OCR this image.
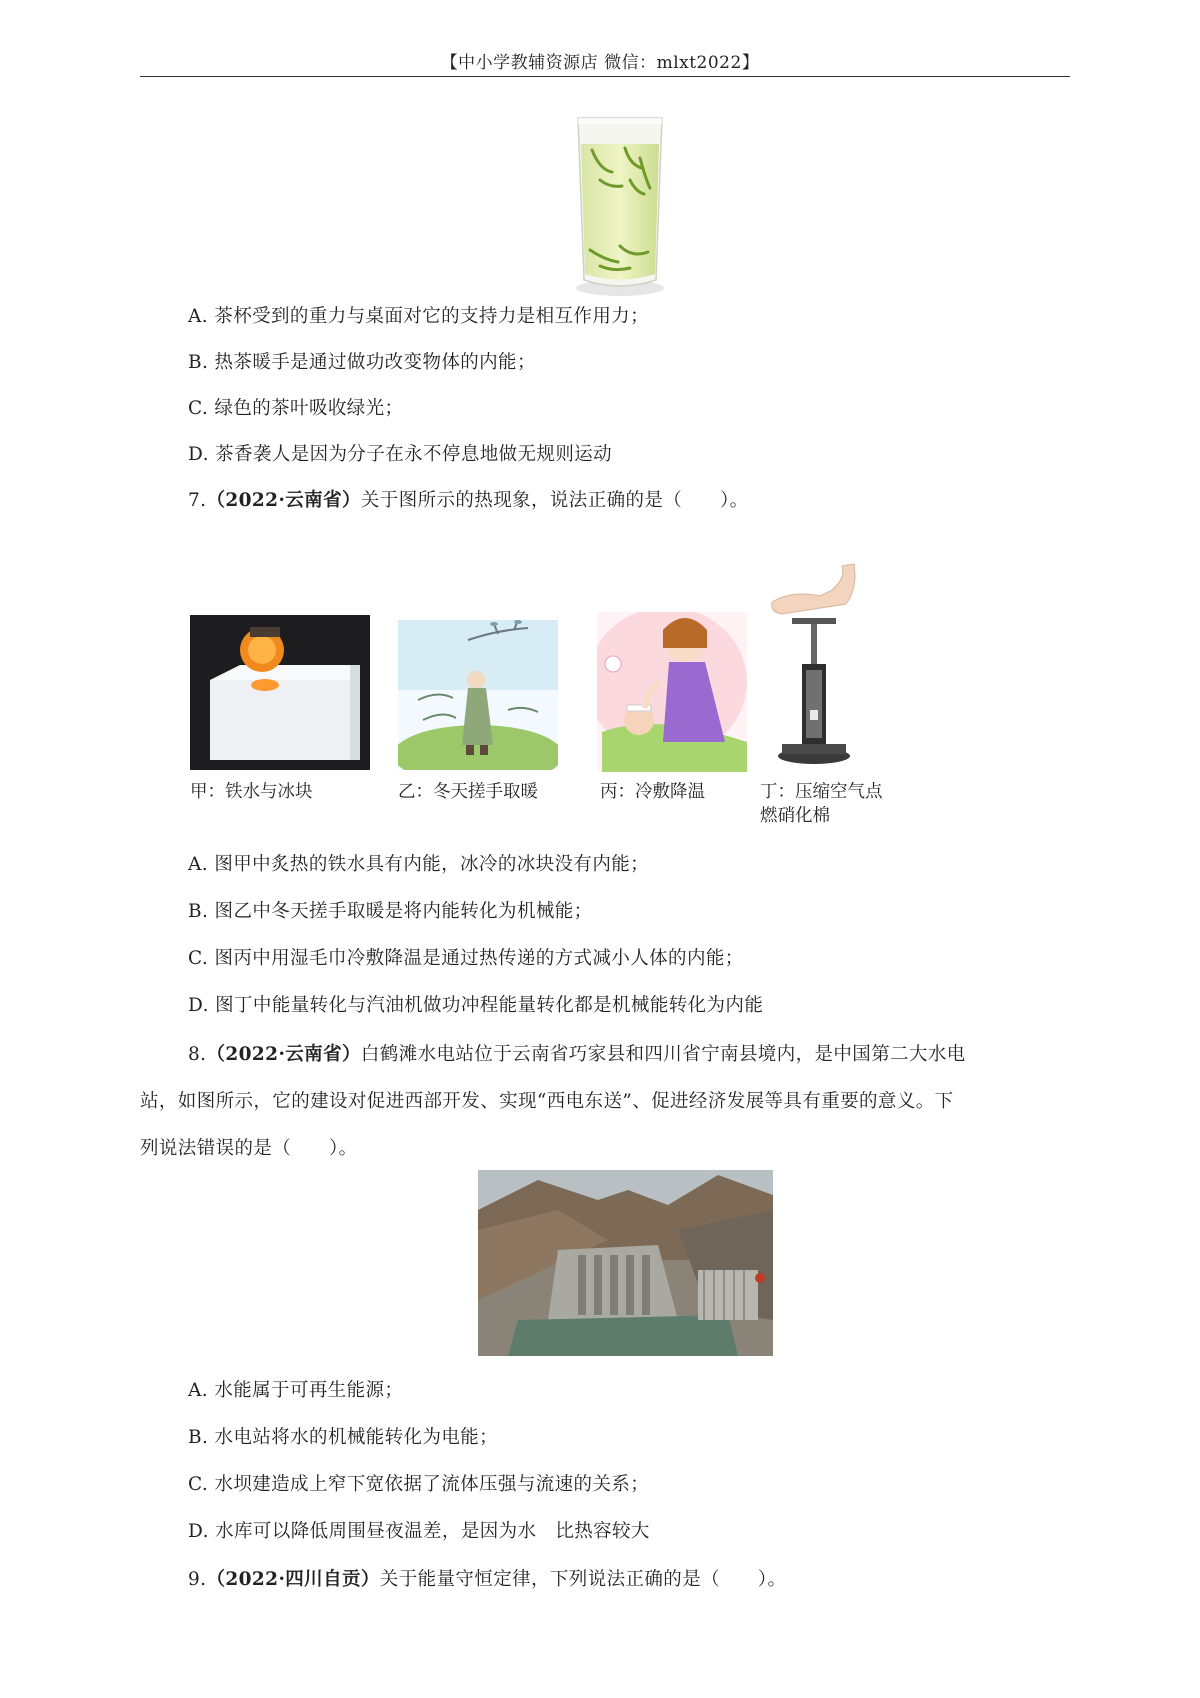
【中小学教辅资源店 微信：mlxt2022】
A. 茶杯受到的重力与桌面对它的支持力是相互作用力；
B. 热茶暖手是通过做功改变物体的内能；
C. 绿色的茶叶吸收绿光；
D. 茶香袭人是因为分子在永不停息地做无规则运动
7.（2022·云南省）关于图所示的热现象，说法正确的是（　　）。
甲：铁水与冰块	乙：冬天搓手取暖	丙：冷敷降温	丁：压缩空气点
燃硝化棉
A. 图甲中炙热的铁水具有内能，冰冷的冰块没有内能；
B. 图乙中冬天搓手取暖是将内能转化为机械能；
C. 图丙中用湿毛巾冷敷降温是通过热传递的方式减小人体的内能；
D. 图丁中能量转化与汽油机做功冲程能量转化都是机械能转化为内能
8.（2022·云南省）白鹤滩水电站位于云南省巧家县和四川省宁南县境内，是中国第二大水电
站，如图所示，它的建设对促进西部开发、实现“西电东送”、促进经济发展等具有重要的意义。下
列说法错误的是（　　）。
A. 水能属于可再生能源；
B. 水电站将水的机械能转化为电能；
C. 水坝建造成上窄下宽依据了流体压强与流速的关系；
D. 水库可以降低周围昼夜温差，是因为水　比热容较大
9.（2022·四川自贡）关于能量守恒定律，下列说法正确的是（　　）。
